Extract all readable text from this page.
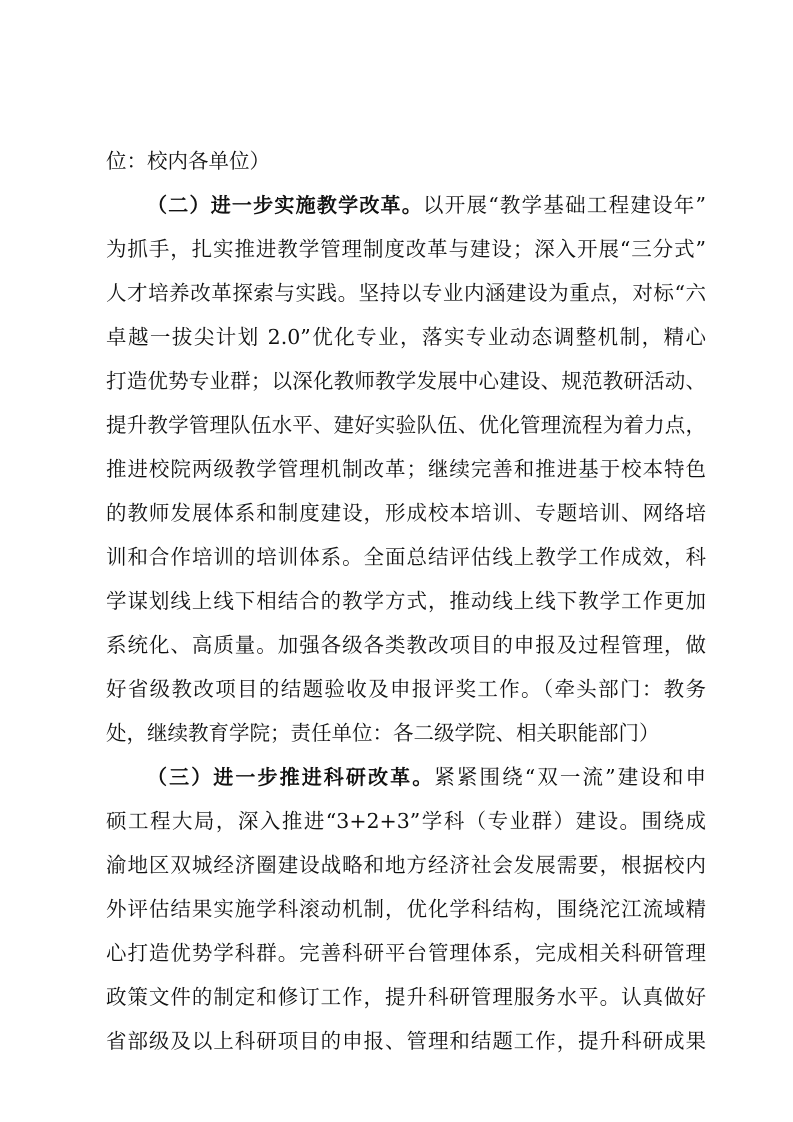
位：校内各单位）
（二）进一步实施教学改革。以开展“教学基础工程建设年”
为抓手，扎实推进教学管理制度改革与建设；深入开展“三分式”
人才培养改革探索与实践。坚持以专业内涵建设为重点，对标“六
卓越一拔尖计划 2.0”优化专业，落实专业动态调整机制，精心
打造优势专业群；以深化教师教学发展中心建设、规范教研活动、
提升教学管理队伍水平、建好实验队伍、优化管理流程为着力点，
推进校院两级教学管理机制改革；继续完善和推进基于校本特色
的教师发展体系和制度建设，形成校本培训、专题培训、网络培
训和合作培训的培训体系。全面总结评估线上教学工作成效，科
学谋划线上线下相结合的教学方式，推动线上线下教学工作更加
系统化、高质量。加强各级各类教改项目的申报及过程管理，做
好省级教改项目的结题验收及申报评奖工作。（牵头部门：教务
处，继续教育学院；责任单位：各二级学院、相关职能部门）
（三）进一步推进科研改革。紧紧围绕“双一流”建设和申
硕工程大局，深入推进“3+2+3”学科（专业群）建设。围绕成
渝地区双城经济圈建设战略和地方经济社会发展需要，根据校内
外评估结果实施学科滚动机制，优化学科结构，围绕沱江流域精
心打造优势学科群。完善科研平台管理体系，完成相关科研管理
政策文件的制定和修订工作，提升科研管理服务水平。认真做好
省部级及以上科研项目的申报、管理和结题工作，提升科研成果
